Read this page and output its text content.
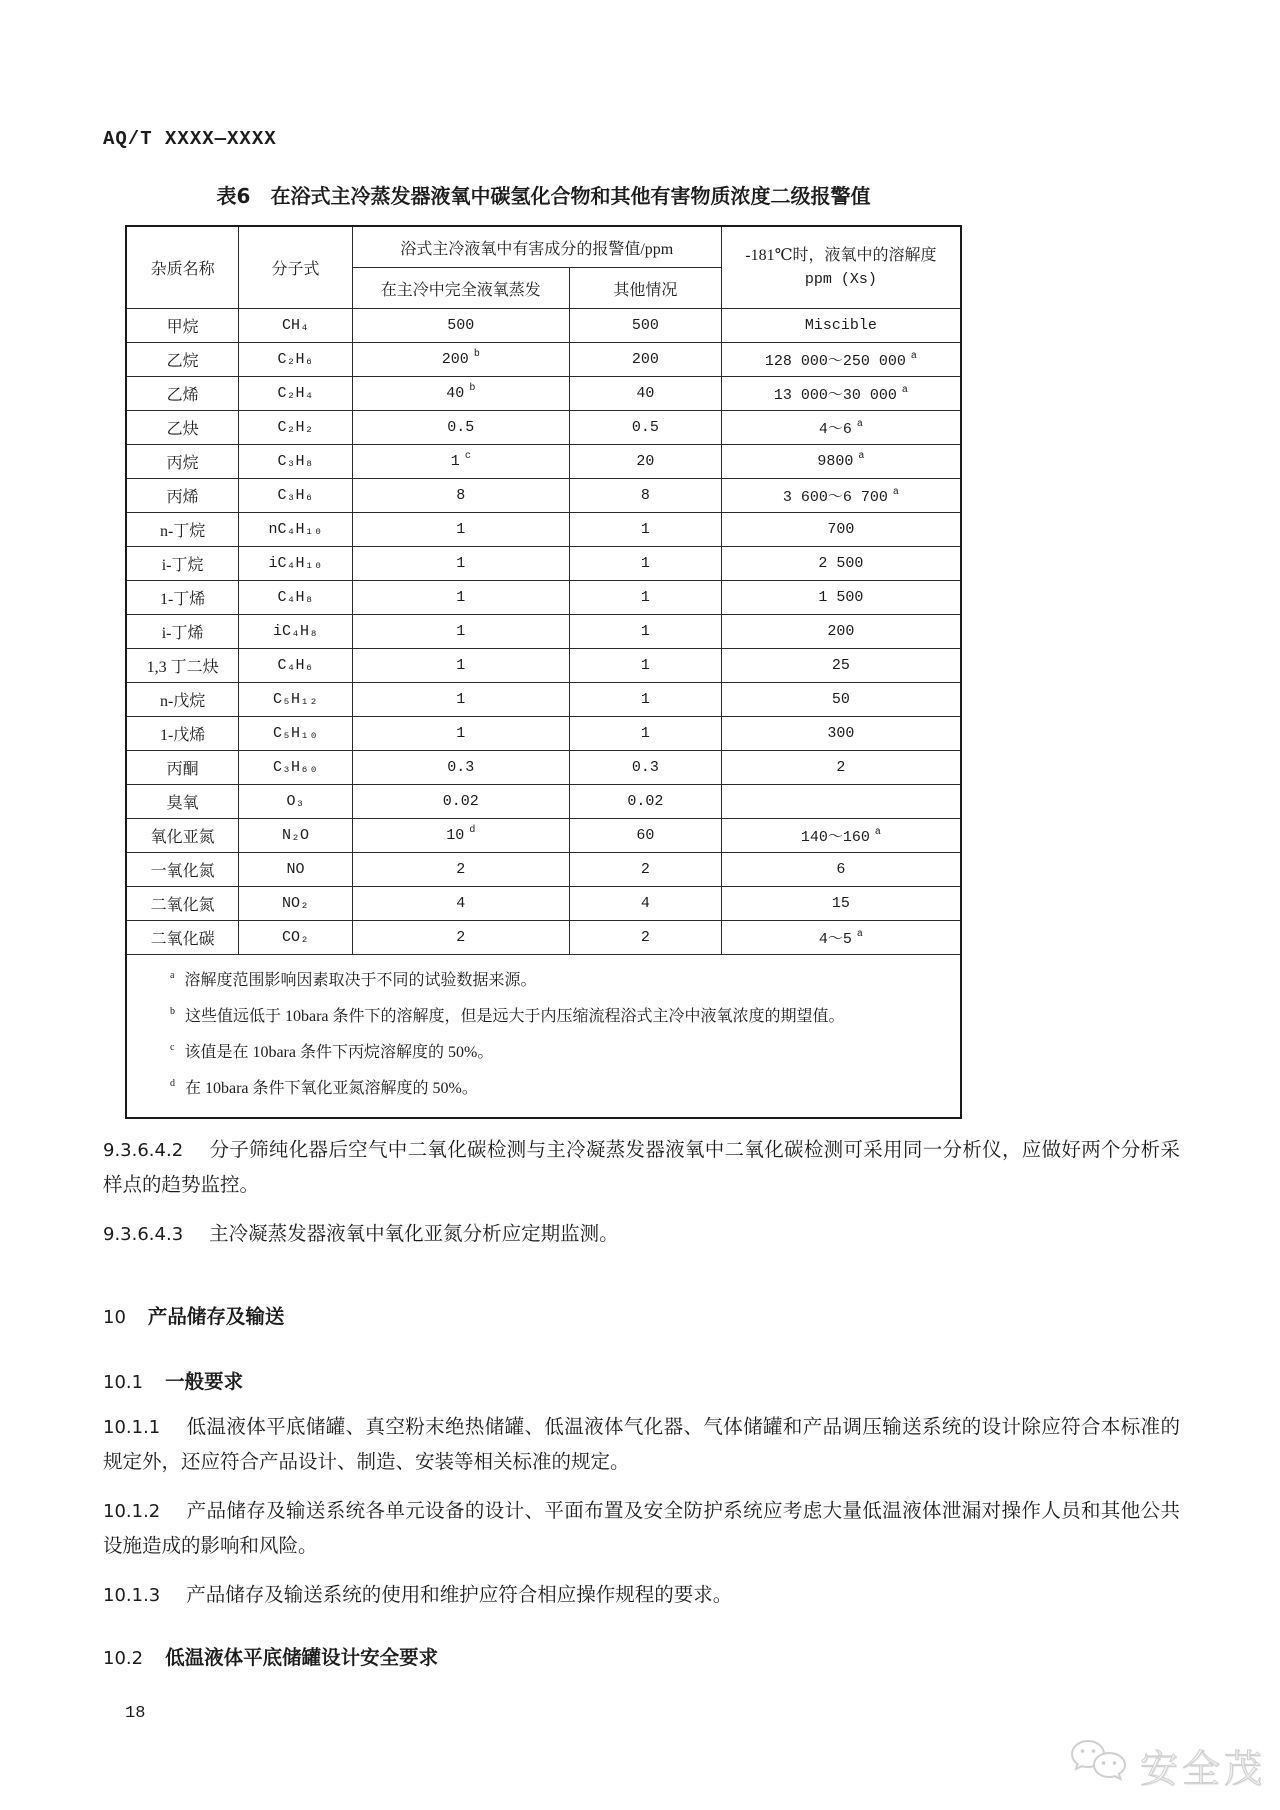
AQ/T XXXX—XXXX
表6　在浴式主冷蒸发器液氧中碳氢化合物和其他有害物质浓度二级报警值
杂质名称	分子式	浴式主冷液氧中有害成分的报警值/ppm		-181℃时，液氧中的溶解度
ppm (Xs)

		在主冷中完全液氧蒸发	其他情况	
甲烷	CH₄	500	500	Miscible
乙烷	C₂H₆	200 $^b$	200	128 000～250 000 $^a$
乙烯	C₂H₄	40 $^b$	40	13 000～30 000 $^a$
乙炔	C₂H₂	0.5	0.5	4～6 $^a$
丙烷	C₃H₈	1 $^c$	20	9800 $^a$
丙烯	C₃H₆	8	8	3 600～6 700 $^a$
n-丁烷	nC₄H₁₀	1	1	700
i-丁烷	iC₄H₁₀	1	1	2 500
1-丁烯	C₄H₈	1	1	1 500
i-丁烯	iC₄H₈	1	1	200
1,3 丁二炔	C₄H₆	1	1	25
n-戊烷	C₅H₁₂	1	1	50
1-戊烯	C₅H₁₀	1	1	300
丙酮	C₃H₆₀	0.3	0.3	2
臭氧	O₃	0.02	0.02	
氧化亚氮	N₂O	10 $^d$	60	140～160 $^a$
一氧化氮	NO	2	2	6
二氧化氮	NO₂	4	4	15
二氧化碳	CO₂	2	2	4～5 $^a$

$^a$ 溶解度范围影响因素取决于不同的试验数据来源。
$^b$ 这些值远低于 10bara 条件下的溶解度，但是远大于内压缩流程浴式主冷中液氧浓度的期望值。
$^c$ 该值是在 10bara 条件下丙烷溶解度的 50%。
$^d$ 在 10bara 条件下氧化亚氮溶解度的 50%。				

9.3.6.4.2 分子筛纯化器后空气中二氧化碳检测与主冷凝蒸发器液氧中二氧化碳检测可采用同一分析仪，应做好两个分析采样点的趋势监控。

9.3.6.4.3 主冷凝蒸发器液氧中氧化亚氮分析应定期监测。

10 产品储存及输送
10.1 一般要求

10.1.1 低温液体平底储罐、真空粉末绝热储罐、低温液体气化器、气体储罐和产品调压输送系统的设计除应符合本标准的规定外，还应符合产品设计、制造、安装等相关标准的规定。

10.1.2 产品储存及输送系统各单元设备的设计、平面布置及安全防护系统应考虑大量低温液体泄漏对操作人员和其他公共设施造成的影响和风险。

10.1.3 产品储存及输送系统的使用和维护应符合相应操作规程的要求。

10.2 低温液体平底储罐设计安全要求
18
安全茂
